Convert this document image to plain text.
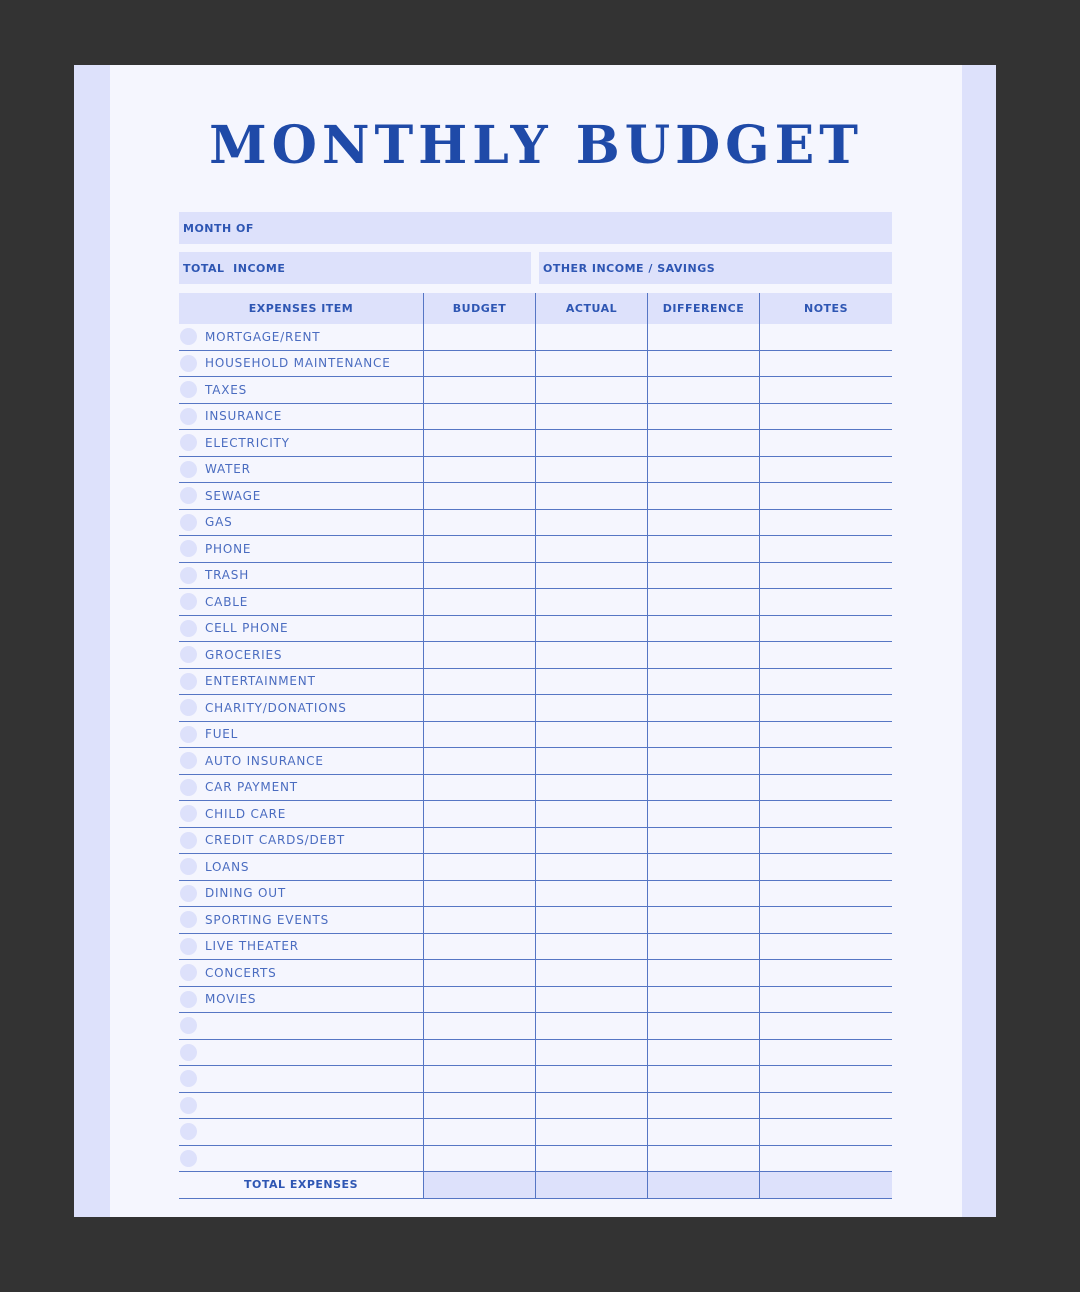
MONTHLY BUDGET
MONTH OF
TOTAL  INCOME	OTHER INCOME / SAVINGS
EXPENSES ITEM	BUDGET	ACTUAL	DIFFERENCE	NOTES
MORTGAGE/RENT
HOUSEHOLD MAINTENANCE
TAXES
INSURANCE
ELECTRICITY
WATER
SEWAGE
GAS
PHONE
TRASH
CABLE
CELL PHONE
GROCERIES
ENTERTAINMENT
CHARITY/DONATIONS
FUEL
AUTO INSURANCE
CAR PAYMENT
CHILD CARE
CREDIT CARDS/DEBT
LOANS
DINING OUT
SPORTING EVENTS
LIVE THEATER
CONCERTS
MOVIES
TOTAL EXPENSES
